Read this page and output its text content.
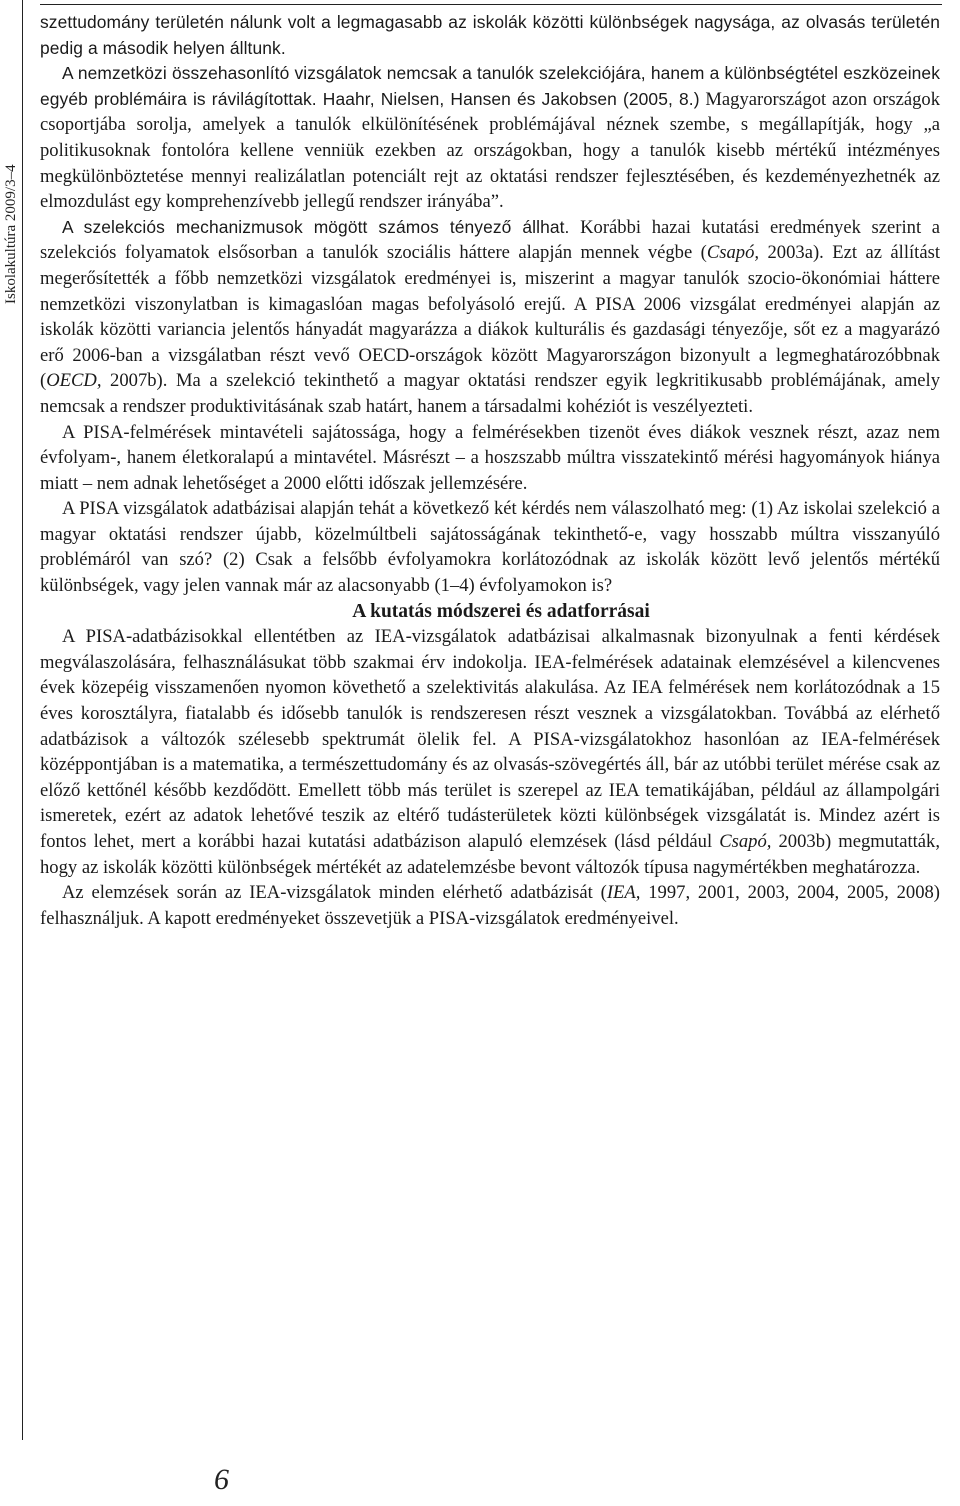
Iskolakultúra 2009/3–4

szettudomány területén nálunk volt a legmagasabb az iskolák közötti különbségek nagysága, az olvasás területén pedig a második helyen álltunk.
A nemzetközi összehasonlító vizsgálatok nemcsak a tanulók szelekciójára, hanem a különbségtétel eszközeinek egyéb problémáira is rávilágítottak. Haahr, Nielsen, Hansen és Jakobsen (2005, 8.) Magyarországot azon országok csoportjába sorolja, amelyek a tanulók elkülönítésének problémájával néznek szembe, s megállapítják, hogy „a politikusoknak fontolóra kellene venniük ezekben az országokban, hogy a tanulók kisebb mértékű intézményes megkülönböztetése mennyi realizálatlan potenciált rejt az oktatási rendszer fejlesztésében, és kezdeményezhetnék az elmozdulást egy komprehenzívebb jellegű rendszer irányába”.

A szelekciós mechanizmusok mögött számos tényező állhat. Korábbi hazai kutatási eredmények szerint a szelekciós folyamatok elsősorban a tanulók szociális háttere alapján mennek végbe (Csapó, 2003a). Ezt az állítást megerősítették a főbb nemzetközi vizsgálatok eredményei is, miszerint a magyar tanulók szocio-ökonómiai háttere nemzetközi viszonylatban is kimagaslóan magas befolyásoló erejű. A PISA 2006 vizsgálat eredményei alapján az iskolák közötti variancia jelentős hányadát magyarázza a diákok kulturális és gazdasági tényezője, sőt ez a magyarázó erő 2006-ban a vizsgálatban részt vevő OECD-országok között Magyarországon bizonyult a legmeghatározóbbnak (OECD, 2007b). Ma a szelekció tekinthető a magyar oktatási rendszer egyik legkritikusabb problémájának, amely nemcsak a rendszer produktivitásának szab határt, hanem a társadalmi kohéziót is veszélyezteti.

A PISA-felmérések mintavételi sajátossága, hogy a felmérésekben tizenöt éves diákok vesznek részt, azaz nem évfolyam-, hanem életkoralapú a mintavétel. Másrészt – a hoszszabb múltra visszatekintő mérési hagyományok hiánya miatt – nem adnak lehetőséget a 2000 előtti időszak jellemzésére.

A PISA vizsgálatok adatbázisai alapján tehát a következő két kérdés nem válaszolható meg: (1) Az iskolai szelekció a magyar oktatási rendszer újabb, közelmúltbeli sajátosságának tekinthető-e, vagy hosszabb múltra visszanyúló problémáról van szó? (2) Csak a felsőbb évfolyamokra korlátozódnak az iskolák között levő jelentős mértékű különbségek, vagy jelen vannak már az alacsonyabb (1–4) évfolyamokon is?

A kutatás módszerei és adatforrásai

A PISA-adatbázisokkal ellentétben az IEA-vizsgálatok adatbázisai alkalmasnak bizonyulnak a fenti kérdések megválaszolására, felhasználásukat több szakmai érv indokolja. IEA-felmérések adatainak elemzésével a kilencvenes évek közepéig visszamenően nyomon követhető a szelektivitás alakulása. Az IEA felmérések nem korlátozódnak a 15 éves korosztályra, fiatalabb és idősebb tanulók is rendszeresen részt vesznek a vizsgálatokban. Továbbá az elérhető adatbázisok a változók szélesebb spektrumát ölelik fel. A PISA-vizsgálatokhoz hasonlóan az IEA-felmérések középpontjában is a matematika, a természettudomány és az olvasás-szövegértés áll, bár az utóbbi terület mérése csak az előző kettőnél később kezdődött. Emellett több más terület is szerepel az IEA tematikájában, például az állampolgári ismeretek, ezért az adatok lehetővé teszik az eltérő tudásterületek közti különbségek vizsgálatát is. Mindez azért is fontos lehet, mert a korábbi hazai kutatási adatbázison alapuló elemzések (lásd például Csapó, 2003b) megmutatták, hogy az iskolák közötti különbségek mértékét az adatelemzésbe bevont változók típusa nagymértékben meghatározza.

Az elemzések során az IEA-vizsgálatok minden elérhető adatbázisát (IEA, 1997, 2001, 2003, 2004, 2005, 2008) felhasználjuk. A kapott eredményeket összevetjük a PISA-vizsgálatok eredményeivel.

6
